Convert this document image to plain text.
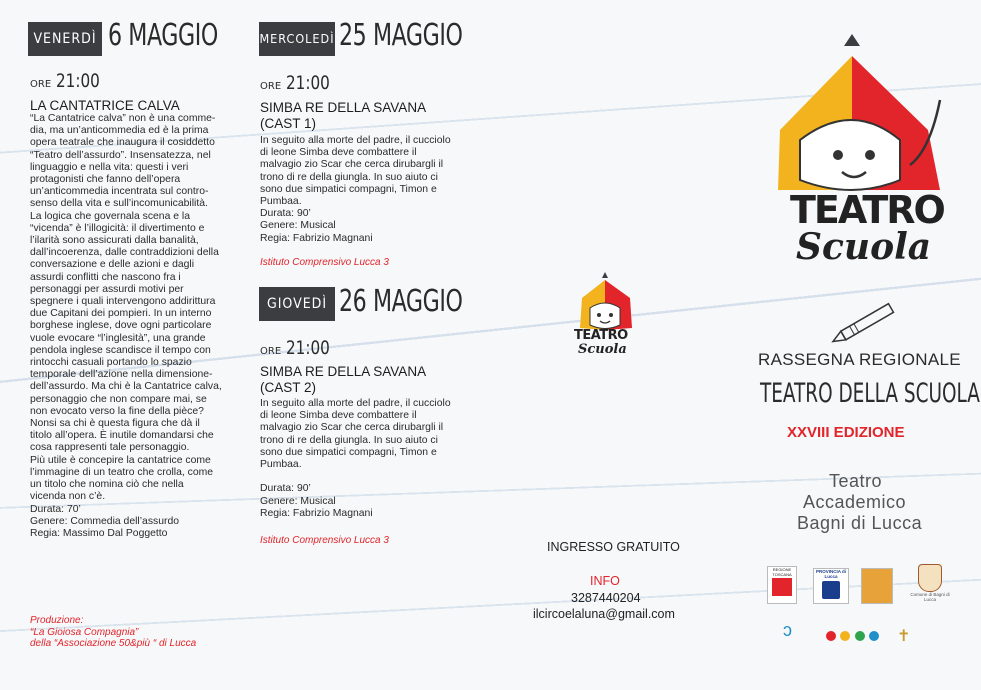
VENERDÌ 6 MAGGIO
ORE 21:00
LA CANTATRICE CALVA
“La Cantatrice calva” non è una comme-
dia, ma un’anticommedia ed è la prima
opera teatrale che inaugura il cosiddetto
“Teatro dell’assurdo”. Insensatezza, nel
linguaggio e nella vita: questi i veri
protagonisti che fanno dell’opera
un’anticommedia incentrata sul contro-
senso della vita e sull’incomunicabilità.
La logica che governala scena e la
“vicenda” è l’illogicità: il divertimento e
l’ilarità sono assicurati dalla banalità,
dall’incoerenza, dalle contraddizioni della
conversazione e delle azioni e dagli
assurdi conflitti che nascono fra i
personaggi per assurdi motivi per
spegnere i quali intervengono addirittura
due Capitani dei pompieri. In un interno
borghese inglese, dove ogni particolare
vuole evocare “l’inglesità”, una grande
pendola inglese scandisce il tempo con
rintocchi casuali portando lo spazio
temporale dell’azione nella dimensione-
dell’assurdo. Ma chi è la Cantatrice calva,
personaggio che non compare mai, se
non evocato verso la fine della pièce?
Nonsi sa chi è questa figura che dà il
titolo all’opera. È inutile domandarsi che
cosa rappresenti tale personaggio.
Più utile è concepire la cantatrice come
l’immagine di un teatro che crolla, come
un titolo che nomina ciò che nella
vicenda non c’è.
Durata: 70’
Genere: Commedia dell’assurdo
Regia: Massimo Dal Poggetto
Produzione:
“La Gioiosa Compagnia”
della “Associazione 50&più “ di Lucca
MERCOLEDÌ 25 MAGGIO
ORE 21:00
SIMBA RE DELLA SAVANA
(CAST 1)
In seguito alla morte del padre, il cucciolo
di leone Simba deve combattere il
malvagio zio Scar che cerca dirubargli il
trono di re della giungla. In suo aiuto ci
sono due simpatici compagni, Timon e
Pumbaa.
Durata: 90’
Genere: Musical
Regia: Fabrizio Magnani
Istituto Comprensivo Lucca 3
GIOVEDÌ 26 MAGGIO
ORE 21:00
SIMBA RE DELLA SAVANA
(CAST 2)
In seguito alla morte del padre, il cucciolo
di leone Simba deve combattere il
malvagio zio Scar che cerca dirubargli il
trono di re della giungla. In suo aiuto ci
sono due simpatici compagni, Timon e
Pumbaa.

Durata: 90’
Genere: Musical
Regia: Fabrizio Magnani
Istituto Comprensivo Lucca 3
TEATRO
Scuola
INGRESSO GRATUITO
INFO
3287440204
ilcircoelaluna@gmail.com
TEATRO
Scuola
RASSEGNA REGIONALE
TEATRO DELLA SCUOLA
XXVIII EDIZIONE
Teatro
Accademico
Bagni di Lucca
REGIONE TOSCANA
PROVINCIA di Lucca
Comune di Bagni di Lucca
ↄ
	✝
